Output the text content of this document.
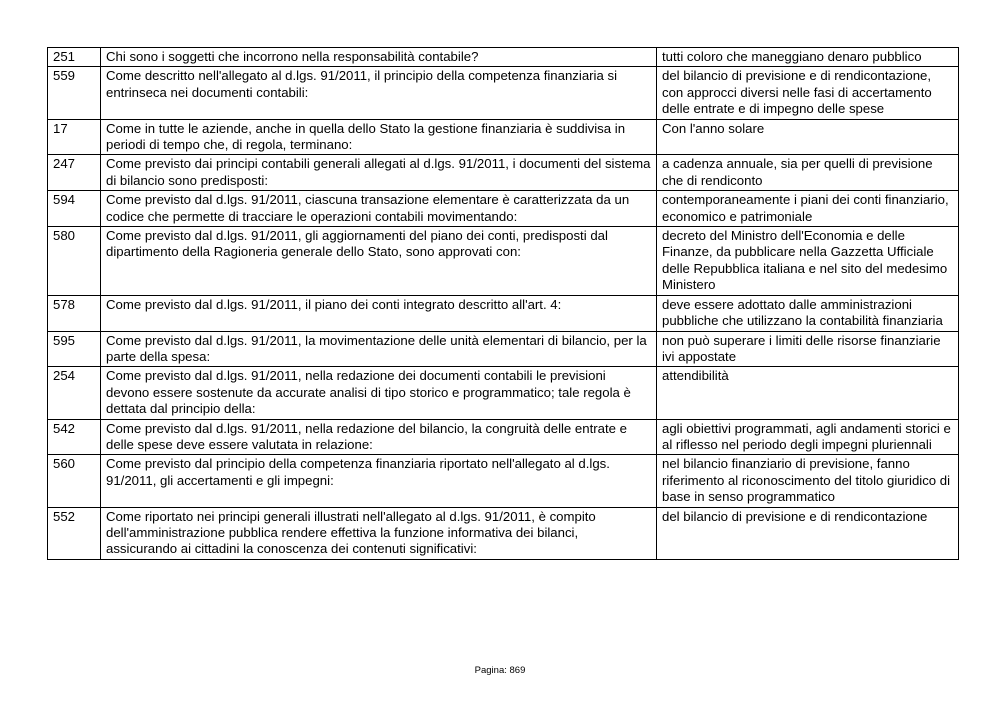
251	Chi sono i soggetti che incorrono nella responsabilità contabile?	tutti coloro che maneggiano denaro pubblico
559	Come descritto nell'allegato al d.lgs. 91/2011, il principio della competenza finanziaria si entrinseca nei documenti contabili:	del bilancio di previsione e di rendicontazione, con approcci diversi nelle fasi di accertamento delle entrate e di impegno delle spese
17	Come in tutte le aziende, anche in quella dello Stato la gestione finanziaria è suddivisa in periodi di tempo che, di regola, terminano:	Con l'anno solare
247	Come previsto dai principi contabili generali allegati al d.lgs. 91/2011, i documenti del sistema di bilancio sono predisposti:	a cadenza annuale, sia per quelli di previsione che di rendiconto
594	Come previsto dal d.lgs. 91/2011, ciascuna transazione elementare è caratterizzata da un codice che permette di tracciare le operazioni contabili movimentando:	contemporaneamente i piani dei conti finanziario, economico e patrimoniale
580	Come previsto dal d.lgs. 91/2011, gli aggiornamenti del piano dei conti, predisposti dal dipartimento della Ragioneria generale dello Stato, sono approvati con:	decreto del Ministro dell'Economia e delle Finanze, da pubblicare nella Gazzetta Ufficiale delle Repubblica italiana e nel sito del medesimo Ministero
578	Come previsto dal d.lgs. 91/2011, il piano dei conti integrato descritto all'art. 4:	deve essere adottato dalle amministrazioni pubbliche che utilizzano la contabilità finanziaria
595	Come previsto dal d.lgs. 91/2011, la movimentazione delle unità elementari di bilancio, per la parte della spesa:	non può superare i limiti delle risorse finanziarie ivi appostate
254	Come previsto dal d.lgs. 91/2011, nella redazione dei documenti contabili le previsioni devono essere sostenute da accurate analisi di tipo storico e programmatico; tale regola è dettata dal principio della:	attendibilità
542	Come previsto dal d.lgs. 91/2011, nella redazione del bilancio, la congruità delle entrate e delle spese deve essere valutata in relazione:	agli obiettivi programmati, agli andamenti storici e al riflesso nel periodo degli impegni pluriennali
560	Come previsto dal principio della competenza finanziaria riportato nell'allegato al d.lgs. 91/2011, gli accertamenti e gli impegni:	nel bilancio finanziario di previsione, fanno riferimento al riconoscimento del titolo giuridico di base in senso programmatico
552	Come riportato nei principi generali illustrati nell'allegato al d.lgs. 91/2011, è compito dell'amministrazione pubblica rendere effettiva la funzione informativa dei bilanci, assicurando ai cittadini la conoscenza dei contenuti significativi:	del bilancio di previsione e di rendicontazione
Pagina: 869
